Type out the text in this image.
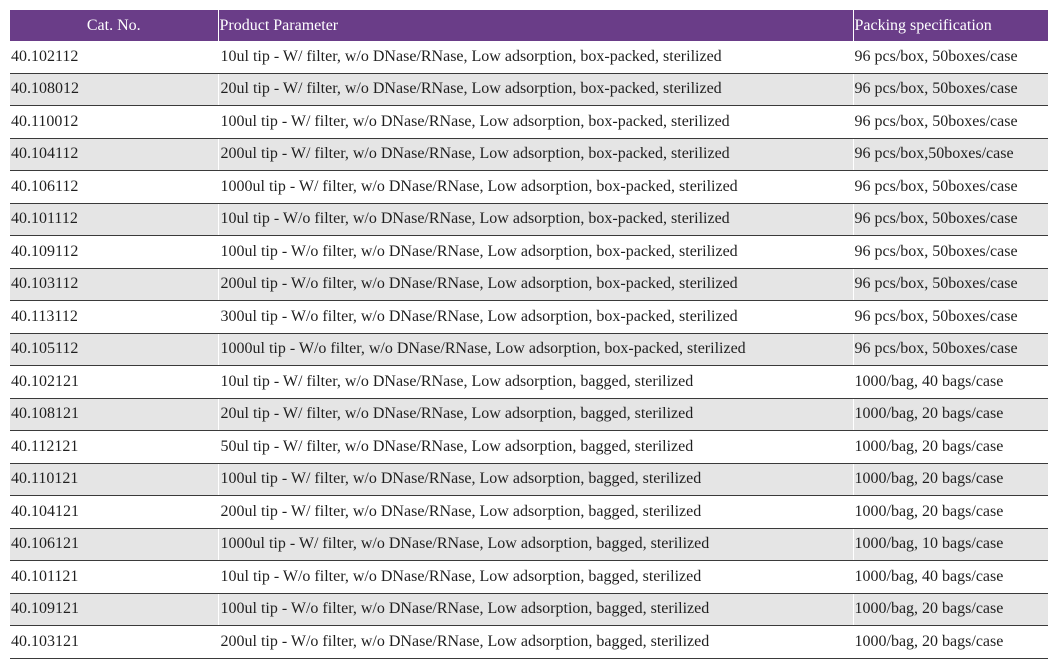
Cat. No.	Product Parameter	Packing specification
40.102112	10ul tip - W/ filter, w/o DNase/RNase, Low adsorption, box-packed, sterilized	96 pcs/box, 50boxes/case
40.108012	20ul tip - W/ filter, w/o DNase/RNase, Low adsorption, box-packed, sterilized	96 pcs/box, 50boxes/case
40.110012	100ul tip - W/ filter, w/o DNase/RNase, Low adsorption, box-packed, sterilized	96 pcs/box, 50boxes/case
40.104112	200ul tip - W/ filter, w/o DNase/RNase, Low adsorption, box-packed, sterilized	96 pcs/box,50boxes/case
40.106112	1000ul tip - W/ filter, w/o DNase/RNase, Low adsorption, box-packed, sterilized	96 pcs/box, 50boxes/case
40.101112	10ul tip - W/o filter, w/o DNase/RNase, Low adsorption, box-packed, sterilized	96 pcs/box, 50boxes/case
40.109112	100ul tip - W/o filter, w/o DNase/RNase, Low adsorption, box-packed, sterilized	96 pcs/box, 50boxes/case
40.103112	200ul tip - W/o filter, w/o DNase/RNase, Low adsorption, box-packed, sterilized	96 pcs/box, 50boxes/case
40.113112	300ul tip - W/o filter, w/o DNase/RNase, Low adsorption, box-packed, sterilized	96 pcs/box, 50boxes/case
40.105112	1000ul tip - W/o filter, w/o DNase/RNase, Low adsorption, box-packed, sterilized	96 pcs/box, 50boxes/case
40.102121	10ul tip - W/ filter, w/o DNase/RNase, Low adsorption, bagged, sterilized	1000/bag, 40 bags/case
40.108121	20ul tip - W/ filter, w/o DNase/RNase, Low adsorption, bagged, sterilized	1000/bag, 20 bags/case
40.112121	50ul tip - W/ filter, w/o DNase/RNase, Low adsorption, bagged, sterilized	1000/bag, 20 bags/case
40.110121	100ul tip - W/ filter, w/o DNase/RNase, Low adsorption, bagged, sterilized	1000/bag, 20 bags/case
40.104121	200ul tip - W/ filter, w/o DNase/RNase, Low adsorption, bagged, sterilized	1000/bag, 20 bags/case
40.106121	1000ul tip - W/ filter, w/o DNase/RNase, Low adsorption, bagged, sterilized	1000/bag, 10 bags/case
40.101121	10ul tip - W/o filter, w/o DNase/RNase, Low adsorption, bagged, sterilized	1000/bag, 40 bags/case
40.109121	100ul tip - W/o filter, w/o DNase/RNase, Low adsorption, bagged, sterilized	1000/bag, 20 bags/case
40.103121	200ul tip - W/o filter, w/o DNase/RNase, Low adsorption, bagged, sterilized	1000/bag, 20 bags/case
